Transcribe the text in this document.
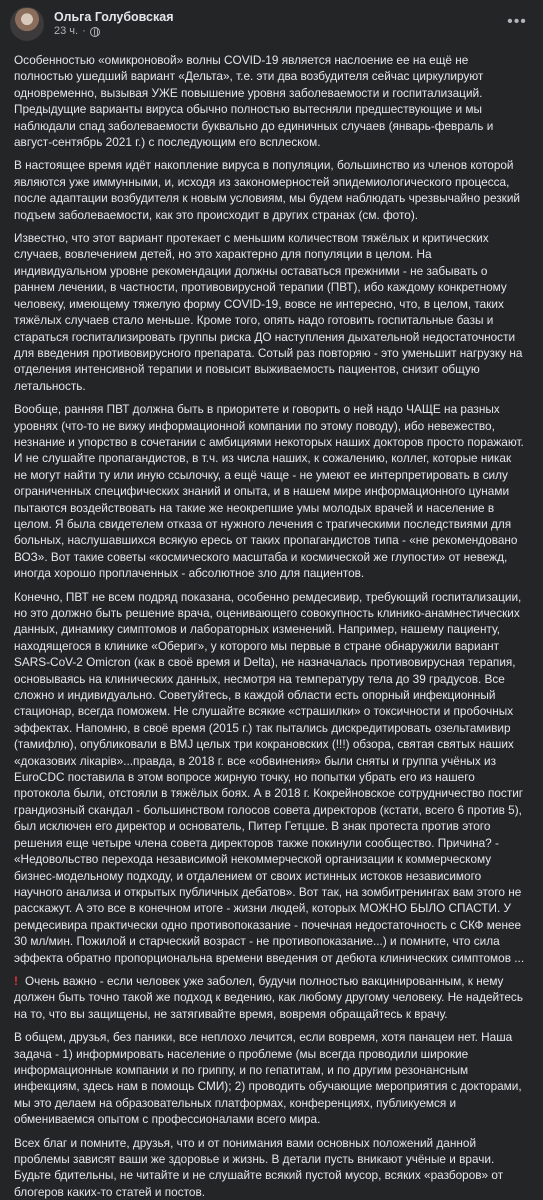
Ольга Голубовская
23 ч. ·
•••

Особенностью «омикроновой» волны COVID-19 является наслоение ее на ещё не полностью ушедший вариант «Дельта», т.е. эти два возбудителя сейчас циркулируют одновременно, вызывая УЖЕ повышение уровня заболеваемости и госпитализаций. Предыдущие варианты вируса обычно полностью вытесняли предшествующие и мы наблюдали спад заболеваемости буквально до единичных случаев (январь-февраль и август-сентябрь 2021 г.) с последующим его всплеском.

В настоящее время идёт накопление вируса в популяции, большинство из членов которой являются уже иммунными, и, исходя из закономерностей эпидемиологического процесса, после адаптации возбудителя к новым условиям, мы будем наблюдать чрезвычайно резкий подъем заболеваемости, как это происходит в других странах (см. фото).

Известно, что этот вариант протекает с меньшим количеством тяжёлых и критических случаев, вовлечением детей, но это характерно для популяции в целом. На индивидуальном уровне рекомендации должны оставаться прежними - не забывать о раннем лечении, в частности, противовирусной терапии (ПВТ), ибо каждому конкретному человеку, имеющему тяжелую форму COVID-19, вовсе не интересно, что, в целом, таких тяжёлых случаев стало меньше. Кроме того, опять надо готовить госпитальные базы и стараться госпитализировать группы риска ДО наступления дыхательной недостаточности для введения противовирусного препарата. Сотый раз повторяю - это уменьшит нагрузку на отделения интенсивной терапии и повысит выживаемость пациентов, снизит общую летальность.

Вообще, ранняя ПВТ должна быть в приоритете и говорить о ней надо ЧАЩЕ на разных уровнях (что-то не вижу информационной компании по этому поводу), ибо невежество, незнание и упорство в сочетании с амбициями некоторых наших докторов просто поражают. И не слушайте пропагандистов, в т.ч. из числа наших, к сожалению, коллег, которые никак не могут найти ту или иную ссылочку, а ещё чаще - не умеют ее интерпретировать в силу ограниченных специфических знаний и опыта, и в нашем мире информационного цунами пытаются воздействовать на такие же неокрепшие умы молодых врачей и население в целом. Я была свидетелем отказа от нужного лечения с трагическими последствиями для больных, наслушавшихся всякую ересь от таких пропагандистов типа - «не рекомендовано ВОЗ». Вот такие советы «космического масштаба и космической же глупости» от невежд, иногда хорошо проплаченных - абсолютное зло для пациентов.

Конечно, ПВТ не всем подряд показана, особенно ремдесивир, требующий госпитализации, но это должно быть решение врача, оценивающего совокупность клинико-анамнестических данных, динамику симптомов и лабораторных изменений. Например, нашему пациенту, находящегося в клинике «Обериг», у которого мы первые в стране обнаружили вариант SARS-CoV-2 Omicron (как в своё время и Delta), не назначалась противовирусная терапия, основываясь на клинических данных, несмотря на температуру тела до 39 градусов. Все сложно и индивидуально. Советуйтесь, в каждой области есть опорный инфекционный стационар, всегда поможем. Не слушайте всякие «страшилки» о токсичности и пробочных эффектах. Напомню, в своё время (2015 г.) так пытались дискредитировать озельтамивир (тамифлю), опубликовали в BMJ целых три кокрановских (!!!) обзора, святая святых наших «доказових лікарів»...правда, в 2018 г. все «обвинения» были сняты и группа учёных из EuroCDC поставила в этом вопросе жирную точку, но попытки убрать его из нашего протокола были, отстояли в тяжёлых боях. А в 2018 г. Кокрейновское сотрудничество постиг грандиозный скандал - большинством голосов совета директоров (кстати, всего 6 против 5), был исключен его директор и основатель, Питер Гетцше. В знак протеста против этого решения еще четыре члена совета директоров также покинули сообщество. Причина? - «Недовольство перехода независимой некоммерческой организации к коммерческому бизнес-модельному подходу, и отдалением от своих истинных истоков независимого научного анализа и открытых публичных дебатов». Вот так, на зомбитренингах вам этого не расскажут. А это все в конечном итоге - жизни людей, которых МОЖНО БЫЛО СПАСТИ. У ремдесивира практически одно противопоказание - почечная недостаточность с СКФ менее 30 мл/мин. Пожилой и старческий возраст - не противопоказание...) и помните, что сила эффекта обратно пропорциональна времени введения от дебюта клинических симптомов ...

! Очень важно - если человек уже заболел, будучи полностью вакцинированным, к нему должен быть точно такой же подход к ведению, как любому другому человеку. Не надейтесь на то, что вы защищены, не затягивайте время, вовремя обращайтесь к врачу.

В общем, друзья, без паники, все неплохо лечится, если вовремя, хотя панацеи нет. Наша задача - 1) информировать население о проблеме (мы всегда проводили широкие информационные компании и по гриппу, и по гепатитам, и по другим резонансным инфекциям, здесь нам в помощь СМИ); 2) проводить обучающие мероприятия с докторами, мы это делаем на образовательных платформах, конференциях, публикуемся и обмениваемся опытом с профессионалами всего мира.

Всех благ и помните, друзья, что и от понимания вами основных положений данной проблемы зависят ваши же здоровье и жизнь. В детали пусть вникают учёные и врачи. Будьте бдительны, не читайте и не слушайте всякий пустой мусор, всяких «разборов» от блогеров каких-то статей и постов.
